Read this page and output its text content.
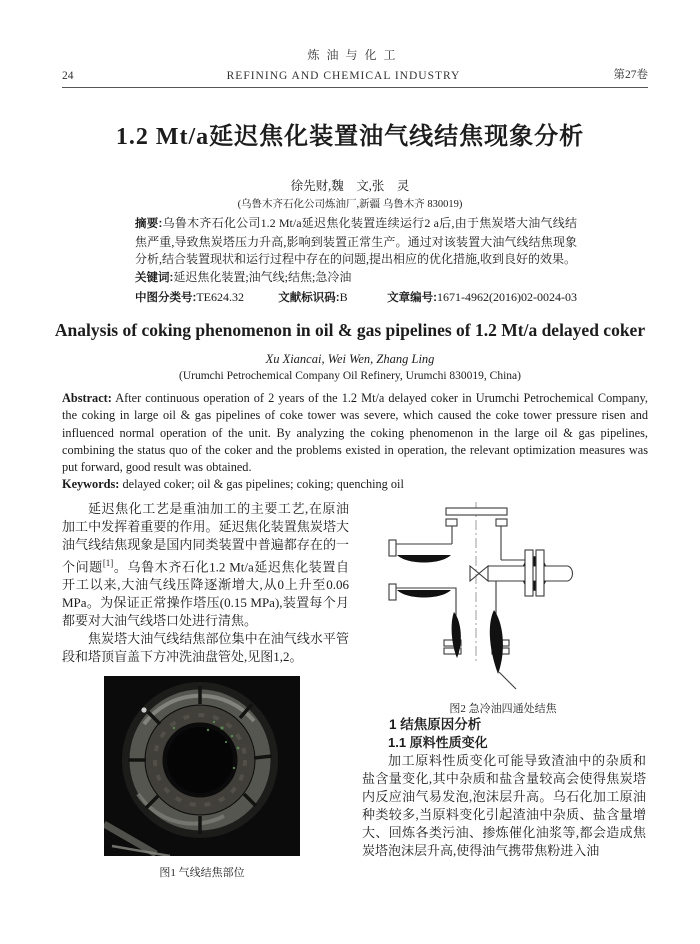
炼油与化工
24	REFINING AND CHEMICAL INDUSTRY	第27卷
1.2 Mt/a延迟焦化装置油气线结焦现象分析
徐先财,魏　文,张　灵
(乌鲁木齐石化公司炼油厂,新疆 乌鲁木齐 830019)
摘要:乌鲁木齐石化公司1.2 Mt/a延迟焦化装置连续运行2 a后,由于焦炭塔大油气线结焦严重,导致焦炭塔压力升高,影响到装置正常生产。通过对该装置大油气线结焦现象分析,结合装置现状和运行过程中存在的问题,提出相应的优化措施,收到良好的效果。
关键词:延迟焦化装置;油气线;结焦;急冷油
中图分类号:TE624.32	文献标识码:B	文章编号:1671-4962(2016)02-0024-03
Analysis of coking phenomenon in oil & gas pipelines of 1.2 Mt/a delayed coker
Xu Xiancai, Wei Wen, Zhang Ling
(Urumchi Petrochemical Company Oil Refinery, Urumchi 830019, China)
Abstract: After continuous operation of 2 years of the 1.2 Mt/a delayed coker in Urumchi Petrochemical Company, the coking in large oil & gas pipelines of coke tower was severe, which caused the coke tower pressure risen and influenced normal operation of the unit. By analyzing the coking phenomenon in the large oil & gas pipelines, combining the status quo of the coker and the problems existed in operation, the relevant optimization measures was put forward, good result was obtained.
Keywords: delayed coker; oil & gas pipelines; coking; quenching oil

延迟焦化工艺是重油加工的主要工艺,在原油加工中发挥着重要的作用。延迟焦化装置焦炭塔大油气线结焦现象是国内同类装置中普遍都存在的一个问题[1]。乌鲁木齐石化1.2 Mt/a延迟焦化装置自开工以来,大油气线压降逐渐增大,从0上升至0.06 MPa。为保证正常操作塔压(0.15 MPa),装置每个月都要对大油气线塔口处进行清焦。

焦炭塔大油气线结焦部位集中在油气线水平管段和塔顶盲盖下方冲洗油盘管处,见图1,2。

图1 气线结焦部位
图2 急冷油四通处结焦

1 结焦原因分析

1.1 原料性质变化

加工原料性质变化可能导致渣油中的杂质和盐含量变化,其中杂质和盐含量较高会使得焦炭塔内反应油气易发泡,泡沫层升高。乌石化加工原油种类较多,当原料变化引起渣油中杂质、盐含量增大、回炼各类污油、掺炼催化油浆等,都会造成焦炭塔泡沫层升高,使得油气携带焦粉进入油
